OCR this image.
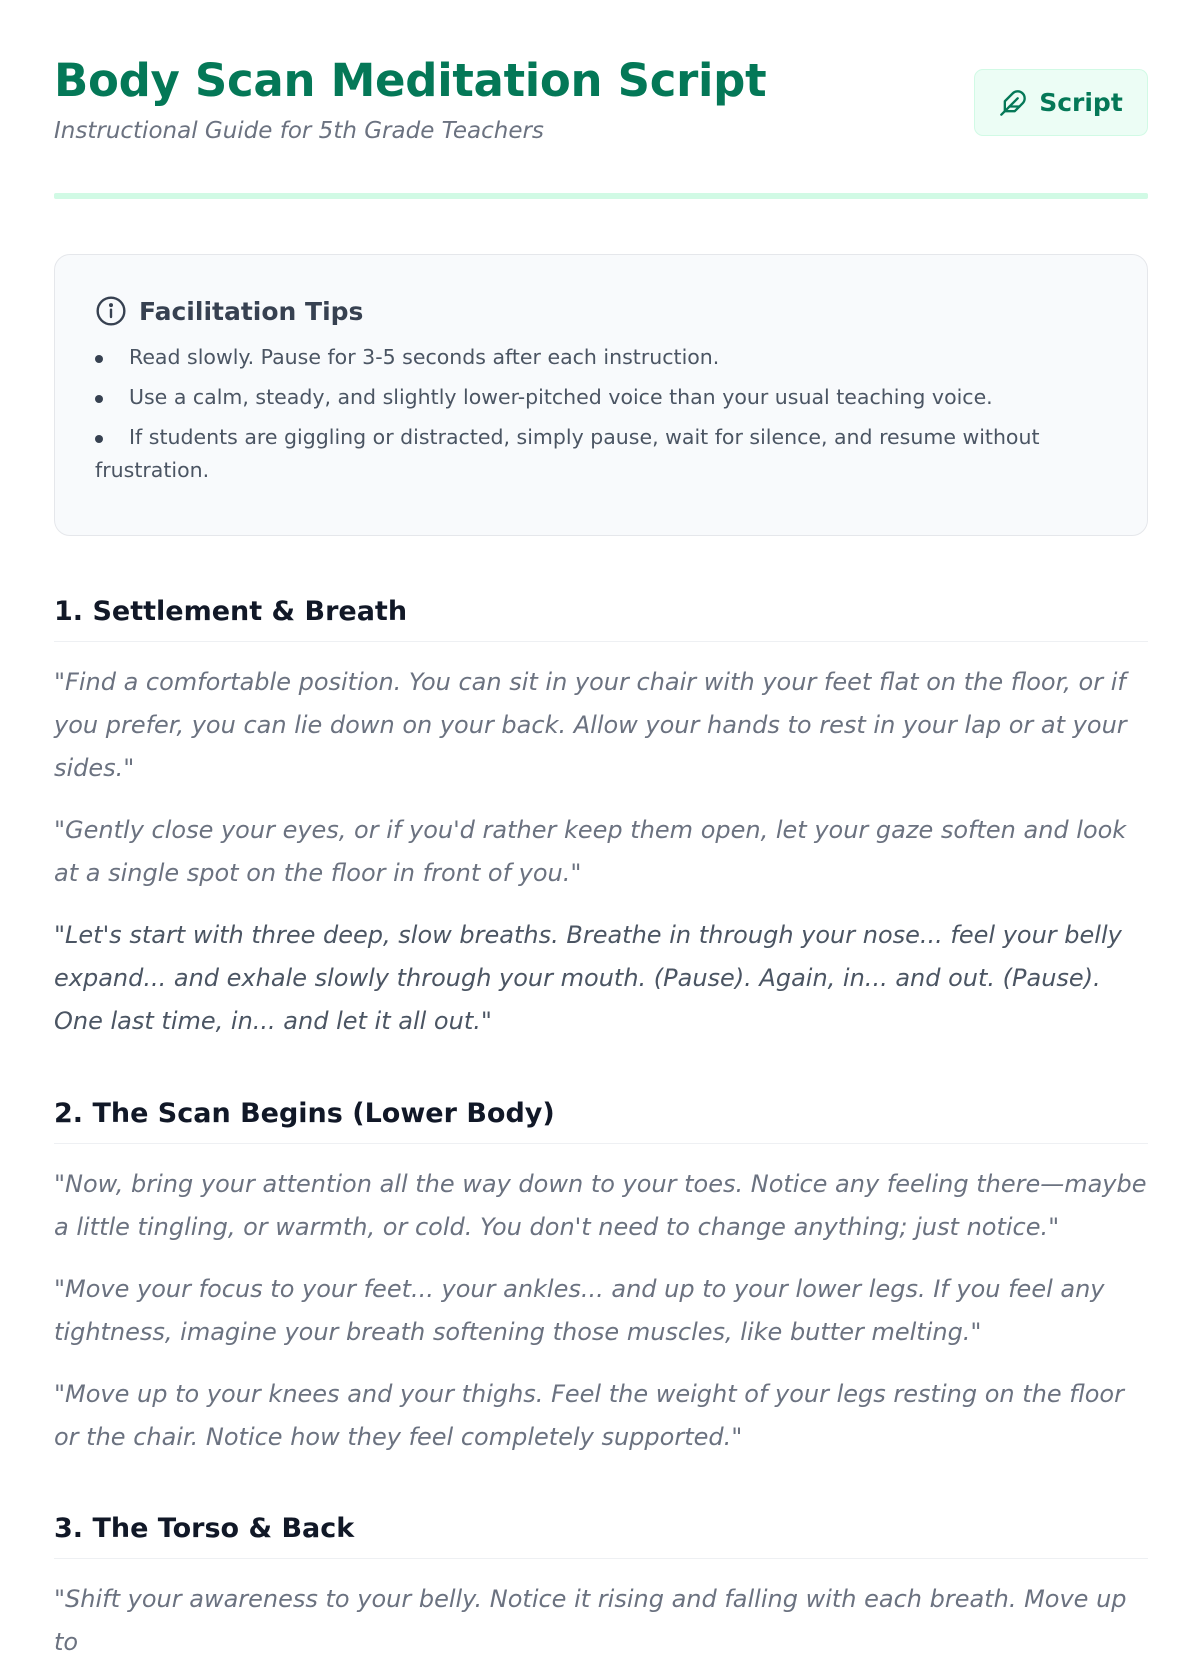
Body Scan Meditation Script

Instructional Guide for 5th Grade Teachers

Script
Facilitation Tips
Read slowly. Pause for 3-5 seconds after each instruction.
Use a calm, steady, and slightly lower-pitched voice than your usual teaching voice.
If students are giggling or distracted, simply pause, wait for silence, and resume without frustration.
1. Settlement & Breath

"Find a comfortable position. You can sit in your chair with your feet flat on the floor, or if you prefer, you can lie down on your back. Allow your hands to rest in your lap or at your sides."

"Gently close your eyes, or if you'd rather keep them open, let your gaze soften and look at a single spot on the floor in front of you."

"Let's start with three deep, slow breaths. Breathe in through your nose... feel your belly expand... and exhale slowly through your mouth. (Pause). Again, in... and out. (Pause). One last time, in... and let it all out."

2. The Scan Begins (Lower Body)

"Now, bring your attention all the way down to your toes. Notice any feeling there—maybe a little tingling, or warmth, or cold. You don't need to change anything; just notice."

"Move your focus to your feet... your ankles... and up to your lower legs. If you feel any tightness, imagine your breath softening those muscles, like butter melting."

"Move up to your knees and your thighs. Feel the weight of your legs resting on the floor or the chair. Notice how they feel completely supported."

3. The Torso & Back

"Shift your awareness to your belly. Notice it rising and falling with each breath. Move up to
